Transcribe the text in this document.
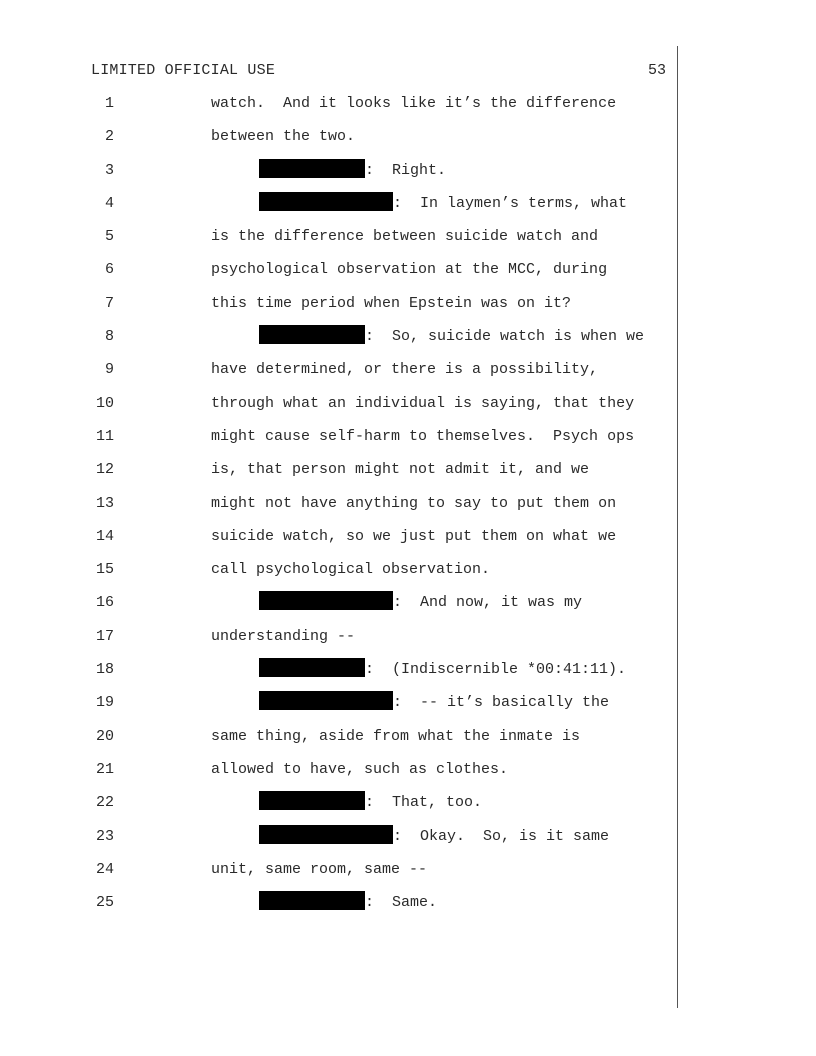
LIMITED OFFICIAL USE	53
1	watch.  And it looks like it’s the difference
2	between the two.
3	:  Right.
4	:  In laymen’s terms, what
5	is the difference between suicide watch and
6	psychological observation at the MCC, during
7	this time period when Epstein was on it?
8	:  So, suicide watch is when we
9	have determined, or there is a possibility,
10	through what an individual is saying, that they
11	might cause self-harm to themselves.  Psych ops
12	is, that person might not admit it, and we
13	might not have anything to say to put them on
14	suicide watch, so we just put them on what we
15	call psychological observation.
16	:  And now, it was my
17	understanding --
18	:  (Indiscernible *00:41:11).
19	:  -- it’s basically the
20	same thing, aside from what the inmate is
21	allowed to have, such as clothes.
22	:  That, too.
23	:  Okay.  So, is it same
24	unit, same room, same --
25	:  Same.
